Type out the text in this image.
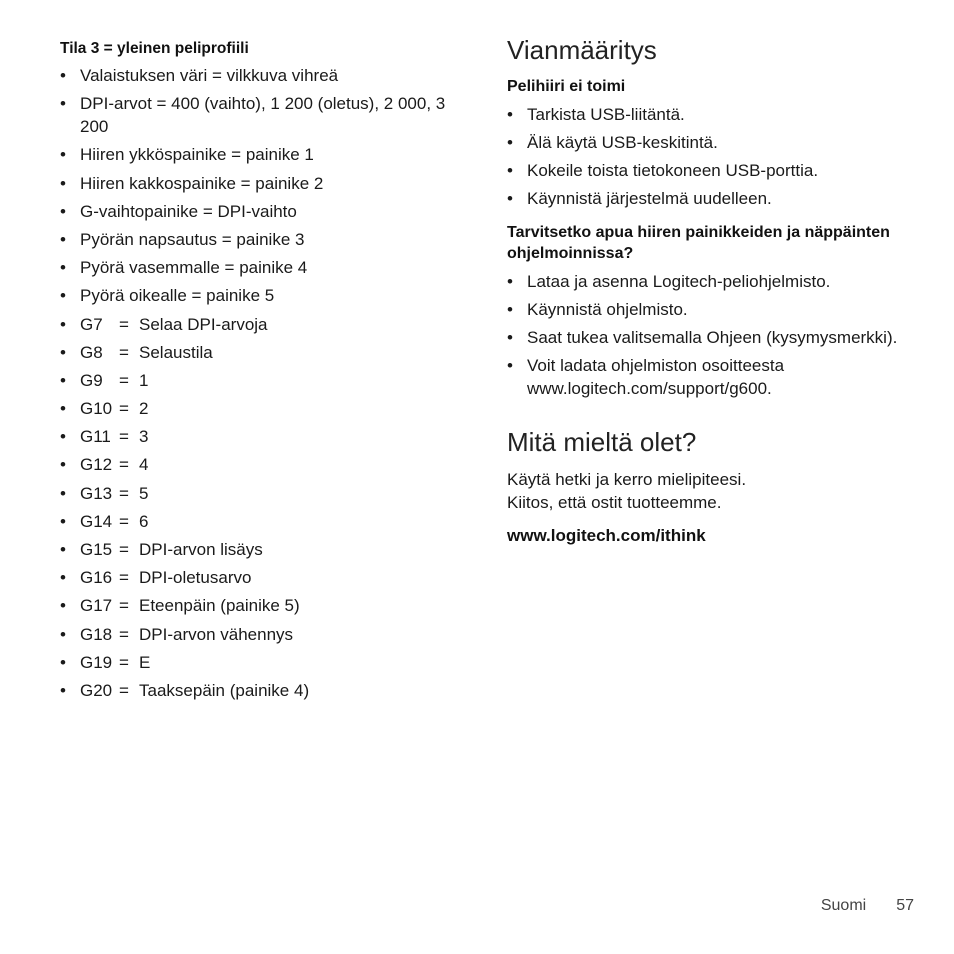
Tila 3 = yleinen peliprofiili
• Valaistuksen väri = vilkkuva vihreä
• DPI-arvot = 400 (vaihto), 1 200 (oletus), 2 000, 3 200
• Hiiren ykköspainike = painike 1
• Hiiren kakkospainike = painike 2
• G-vaihtopainike = DPI-vaihto
• Pyörän napsautus = painike 3
• Pyörä vasemmalle = painike 4
• Pyörä oikealle = painike 5
• G7 = Selaa DPI-arvoja
• G8 = Selaustila
• G9 = 1
• G10 = 2
• G11 = 3
• G12 = 4
• G13 = 5
• G14 = 6
• G15 = DPI-arvon lisäys
• G16 = DPI-oletusarvo
• G17 = Eteenpäin (painike 5)
• G18 = DPI-arvon vähennys
• G19 = E
• G20 = Taaksepäin (painike 4)
Vianmääritys
Pelihiiri ei toimi
• Tarkista USB-liitäntä.
• Älä käytä USB-keskitintä.
• Kokeile toista tietokoneen USB-porttia.
• Käynnistä järjestelmä uudelleen.
Tarvitsetko apua hiiren painikkeiden ja näppäinten ohjelmoinnissa?
• Lataa ja asenna Logitech-peliohjelmisto.
• Käynnistä ohjelmisto.
• Saat tukea valitsemalla Ohjeen (kysymysmerkki).
• Voit ladata ohjelmiston osoitteesta www.logitech.com/support/g600.
Mitä mieltä olet?
Käytä hetki ja kerro mielipiteesi.
Kiitos, että ostit tuotteemme.
www.logitech.com/ithink
Suomi 57
